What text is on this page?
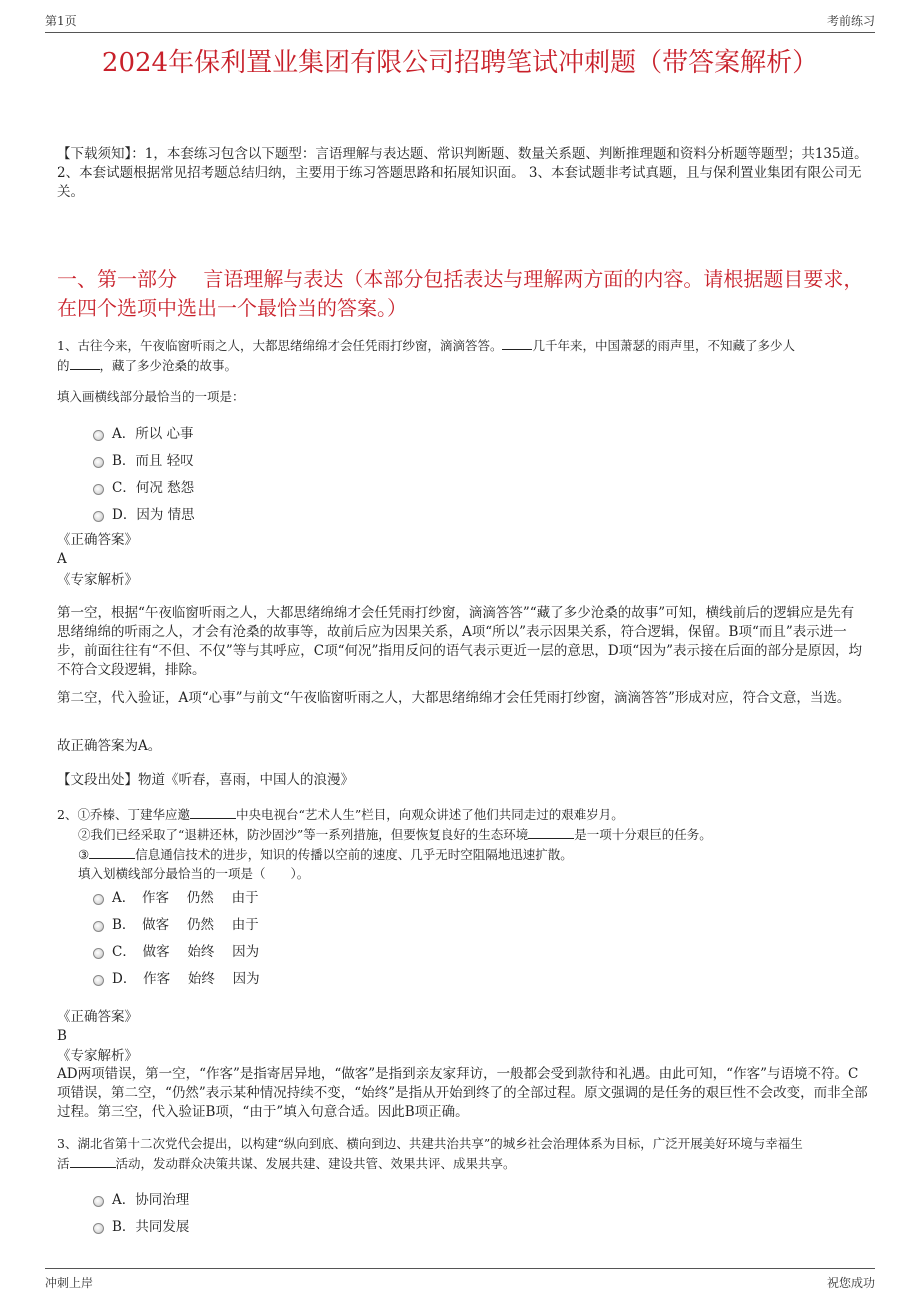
第1页	考前练习
2024年保利置业集团有限公司招聘笔试冲刺题（带答案解析）
【下载须知】：1，本套练习包含以下题型：言语理解与表达题、常识判断题、数量关系题、判断推理题和资料分析题等题型；共135道。 2、本套试题根据常见招考题总结归纳，主要用于练习答题思路和拓展知识面。 3、本套试题非考试真题，且与保利置业集团有限公司无关。
一、第一部分　 言语理解与表达（本部分包括表达与理解两方面的内容。请根据题目要求，在四个选项中选出一个最恰当的答案。）
1、古往今来，午夜临窗听雨之人，大都思绪绵绵才会任凭雨打纱窗，滴滴答答。 几千年来，中国萧瑟的雨声里，不知藏了多少人
的 ，藏了多少沧桑的故事。
填入画横线部分最恰当的一项是：
A．所以 心事
B．而且 轻叹
C．何况 愁怨
D．因为 情思
《正确答案》
A
《专家解析》
第一空，根据“午夜临窗听雨之人，大都思绪绵绵才会任凭雨打纱窗，滴滴答答”“藏了多少沧桑的故事”可知，横线前后的逻辑应是先有思绪绵绵的听雨之人，才会有沧桑的故事等，故前后应为因果关系，A项“所以”表示因果关系，符合逻辑，保留。B项“而且”表示进一步，前面往往有“不但、不仅”等与其呼应，C项“何况”指用反问的语气表示更近一层的意思，D项“因为”表示接在后面的部分是原因，均不符合文段逻辑，排除。
第二空，代入验证，A项“心事”与前文“午夜临窗听雨之人，大都思绪绵绵才会任凭雨打纱窗，滴滴答答”形成对应，符合文意，当选。
故正确答案为A。
【文段出处】物道《听春，喜雨，中国人的浪漫》
2、①乔榛、丁建华应邀	中央电视台“艺术人生”栏目，向观众讲述了他们共同走过的艰难岁月。
②我们已经采取了“退耕还林，防沙固沙”等一系列措施，但要恢复良好的生态环境	是一项十分艰巨的任务。
③	信息通信技术的进步，知识的传播以空前的速度、几乎无时空阻隔地迅速扩散。
填入划横线部分最恰当的一项是（　　）。
A．　作客　 仍然　 由于
B．　做客　 仍然　 由于
C．　做客　 始终　 因为
D．　作客　 始终　 因为
《正确答案》
B
《专家解析》
AD两项错误，第一空，“作客”是指寄居异地，“做客”是指到亲友家拜访，一般都会受到款待和礼遇。由此可知，“作客”与语境不符。C项错误，第二空，“仍然”表示某种情况持续不变，“始终”是指从开始到终了的全部过程。原文强调的是任务的艰巨性不会改变，而非全部过程。第三空，代入验证B项，“由于”填入句意合适。因此B项正确。
3、湖北省第十二次党代会提出，以构建“纵向到底、横向到边、共建共治共享”的城乡社会治理体系为目标，广泛开展美好环境与幸福生
活	活动，发动群众决策共谋、发展共建、建设共管、效果共评、成果共享。
A．协同治理
B．共同发展
冲刺上岸	祝您成功
